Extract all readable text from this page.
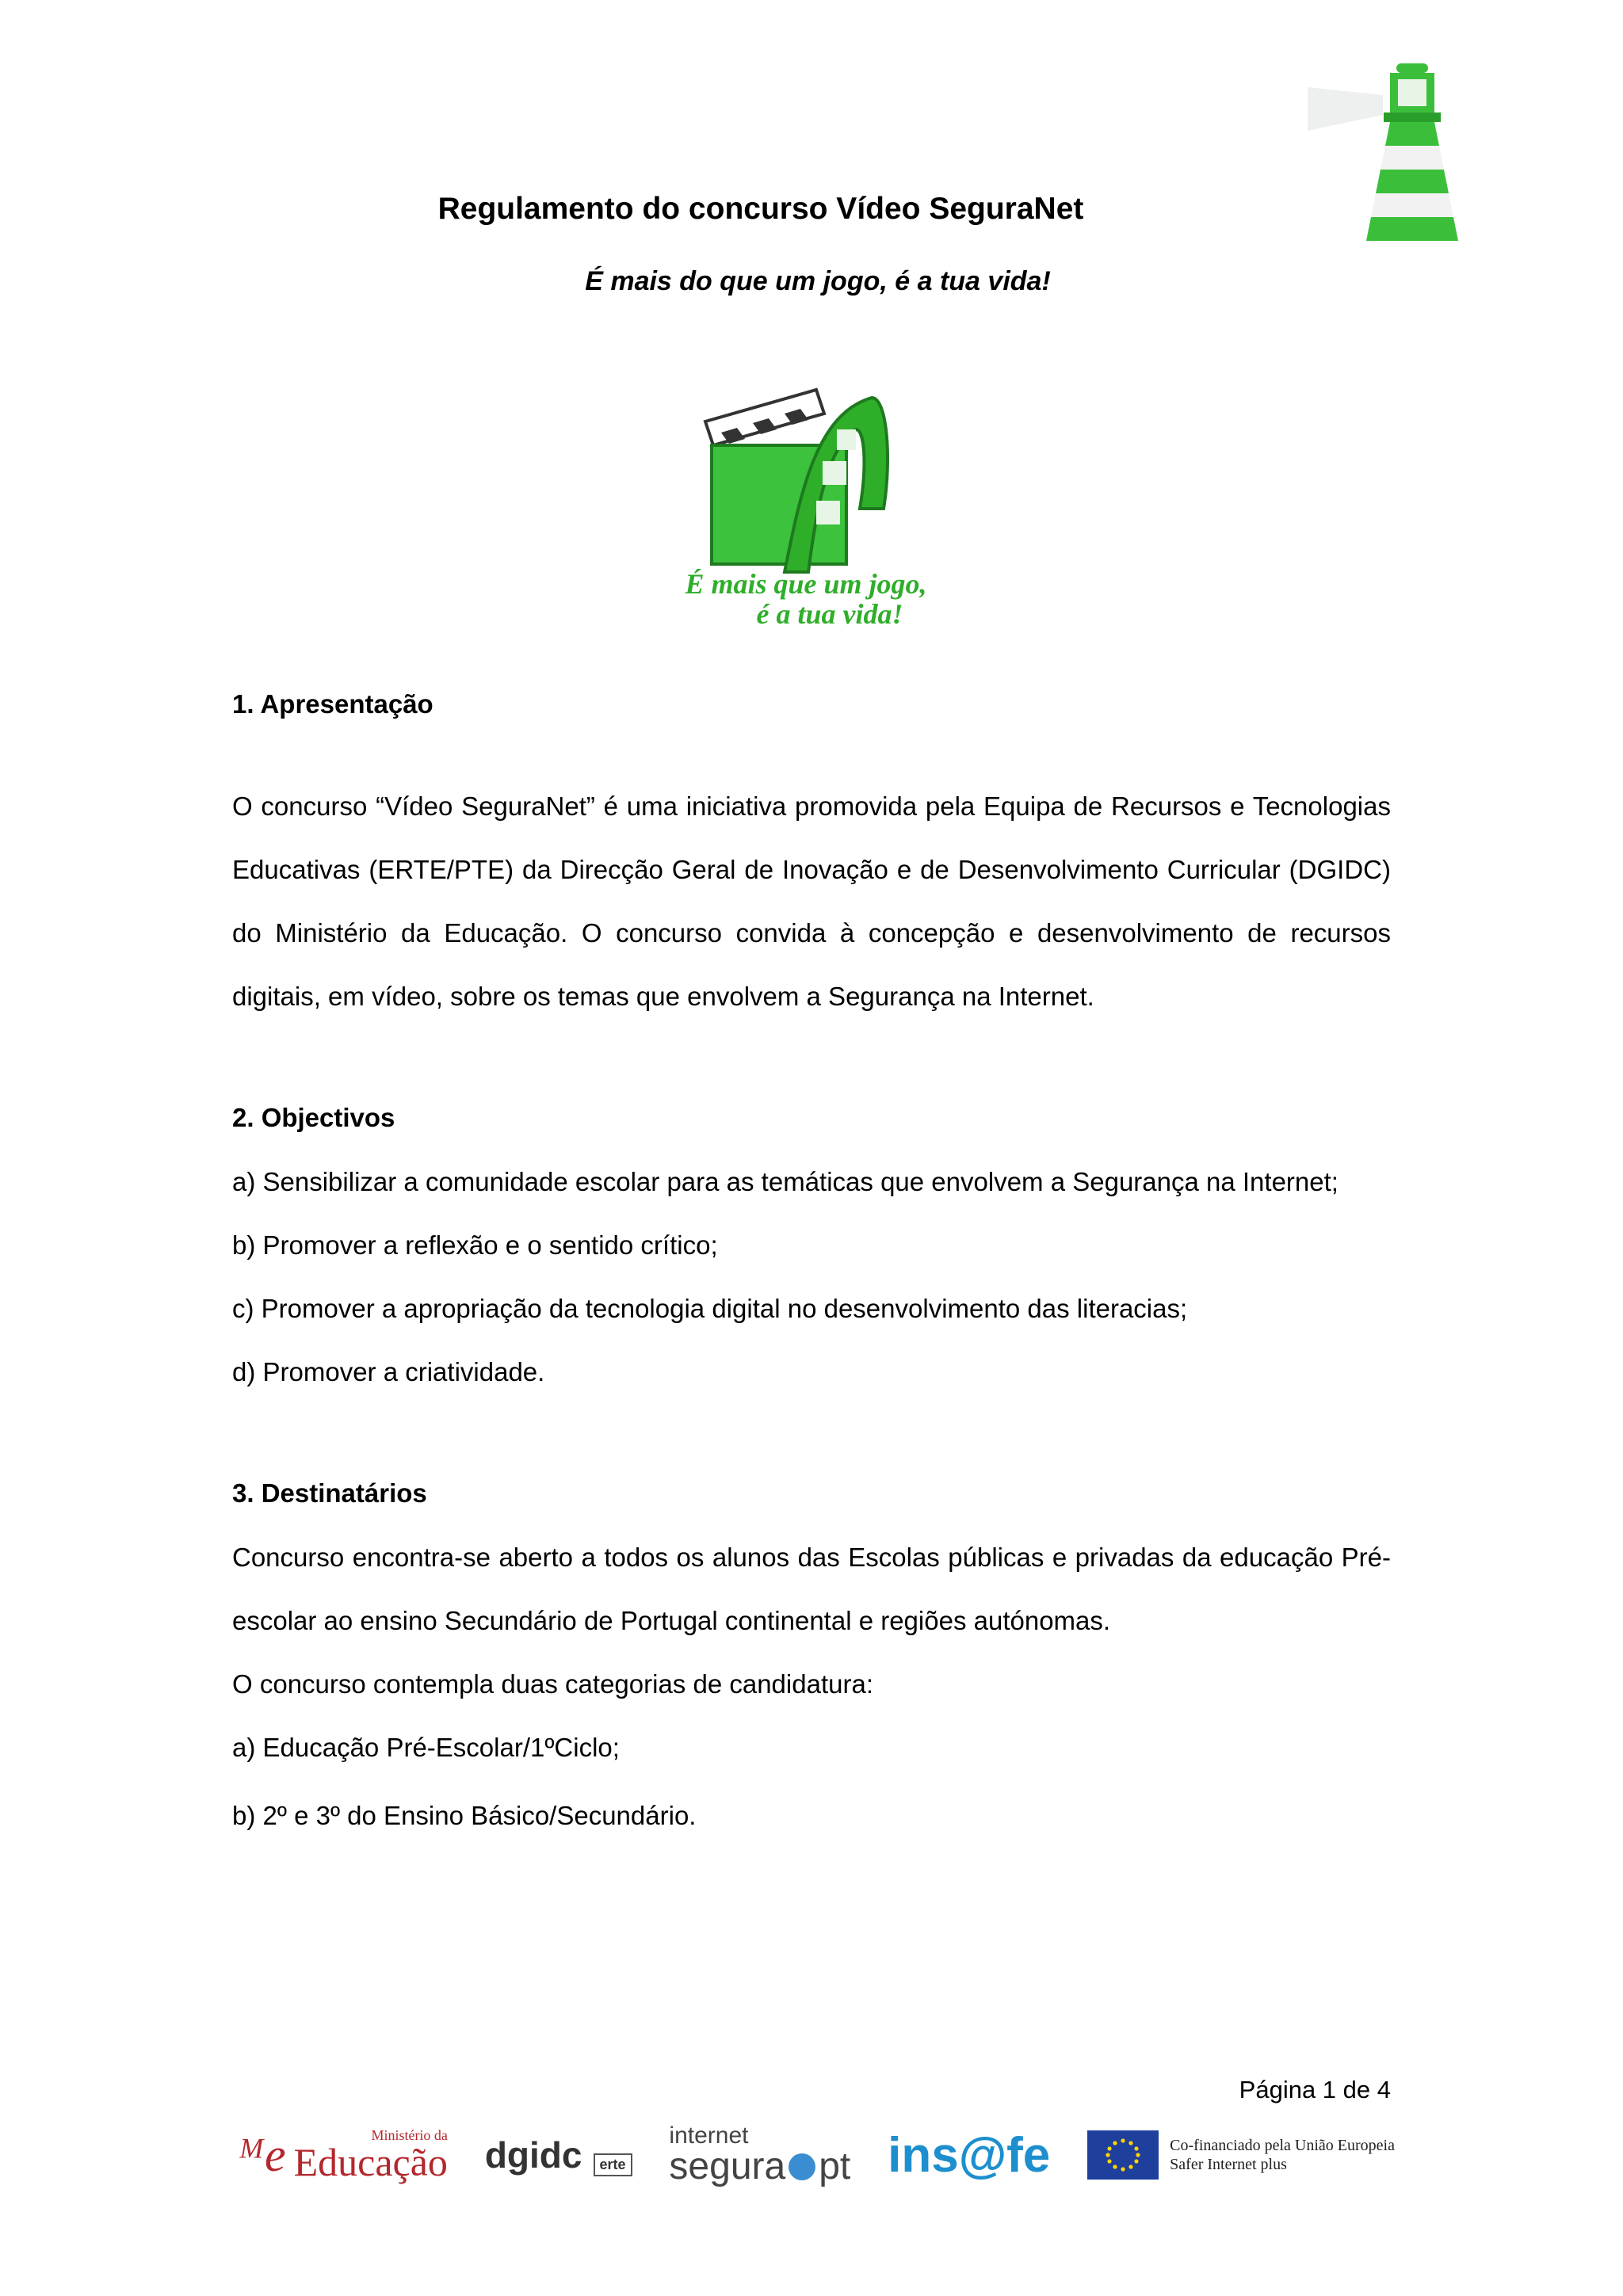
Regulamento do concurso Vídeo SeguraNet
É mais do que um jogo, é a tua vida!
É mais que um jogo,
é a tua vida!

1. Apresentação

O concurso “Vídeo SeguraNet” é uma iniciativa promovida pela Equipa de Recursos e Tecnologias Educativas (ERTE/PTE) da Direcção Geral de Inovação e de Desenvolvimento Curricular (DGIDC) do Ministério da Educação. O concurso convida à concepção e desenvolvimento de recursos digitais, em vídeo, sobre os temas que envolvem a Segurança na Internet.

2. Objectivos

a) Sensibilizar a comunidade escolar para as temáticas que envolvem a Segurança na Internet;

b) Promover a reflexão e o sentido crítico;

c) Promover a apropriação da tecnologia digital no desenvolvimento das literacias;

d) Promover a criatividade.

3. Destinatários

Concurso encontra-se aberto a todos os alunos das Escolas públicas e privadas da educação Pré-escolar ao ensino Secundário de Portugal continental e regiões autónomas.

O concurso contempla duas categorias de candidatura:

a) Educação Pré-Escolar/1ºCiclo;

b) 2º e 3º do Ensino Básico/Secundário.

Página 1 de 4
ᴹe	Ministério da
Educação dgidc	erte
internet
segura pt ins@fe	Co-financiado pela União Europeia
Safer Internet plus
